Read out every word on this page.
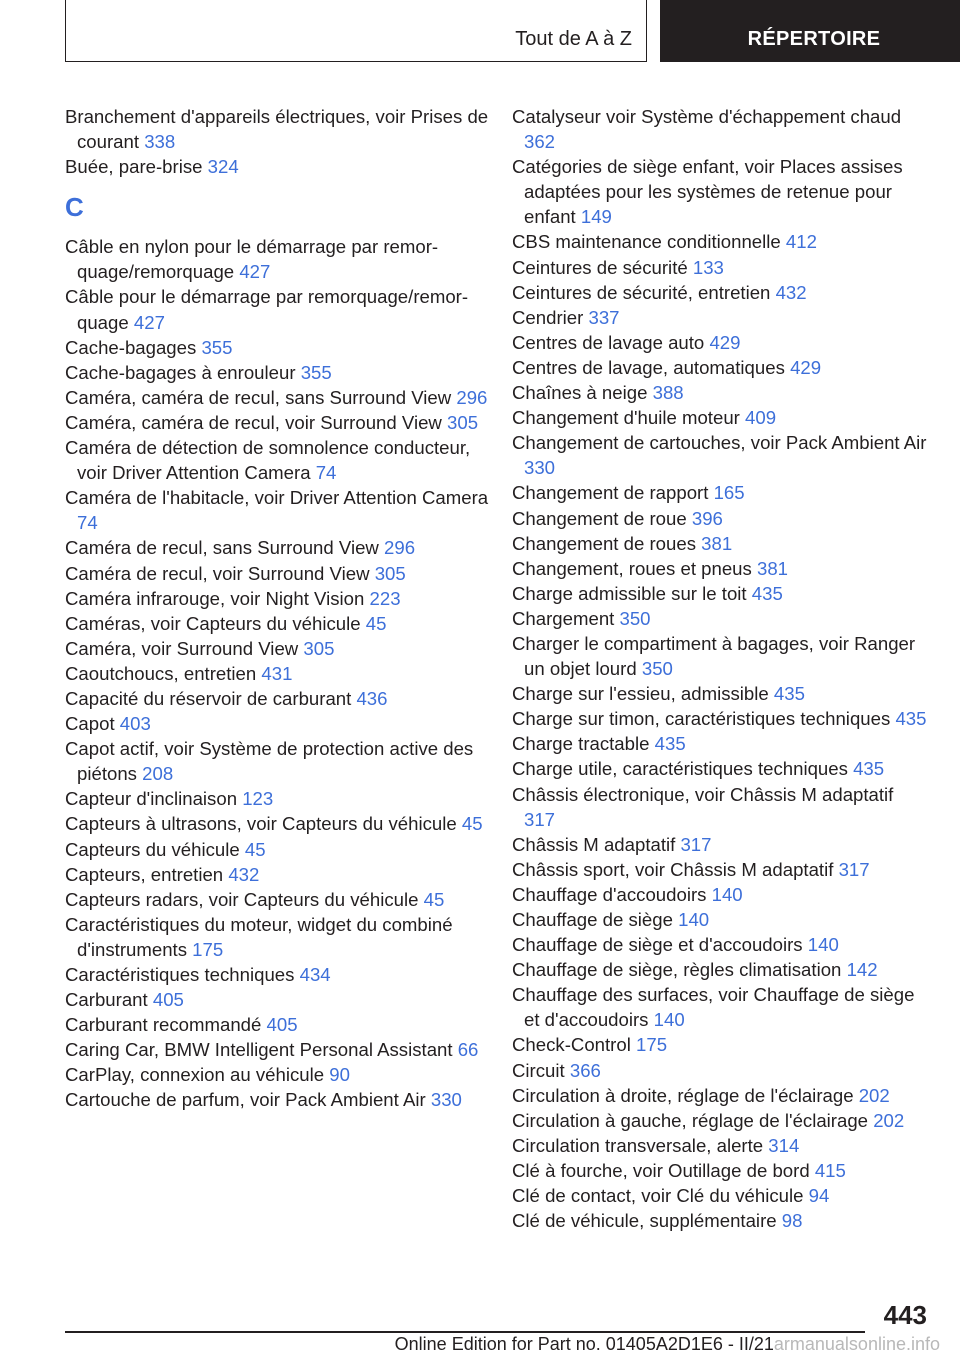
Tout de A à Z	RÉPERTOIRE

Branchement d'appareils électriques, voir Prises de courant 338

Buée, pare-brise 324

C

Câble en nylon pour le démarrage par remorquage/remorquage 427

Câble pour le démarrage par remorquage/remorquage 427

Cache-bagages 355

Cache-bagages à enrouleur 355

Caméra, caméra de recul, sans Surround View 296

Caméra, caméra de recul, voir Surround View 305

Caméra de détection de somnolence conducteur, voir Driver Attention Camera 74

Caméra de l'habitacle, voir Driver Attention Camera 74

Caméra de recul, sans Surround View 296

Caméra de recul, voir Surround View 305

Caméra infrarouge, voir Night Vision 223

Caméras, voir Capteurs du véhicule 45

Caméra, voir Surround View 305

Caoutchoucs, entretien 431

Capacité du réservoir de carburant 436

Capot 403

Capot actif, voir Système de protection active des piétons 208

Capteur d'inclinaison 123

Capteurs à ultrasons, voir Capteurs du véhicule 45

Capteurs du véhicule 45

Capteurs, entretien 432

Capteurs radars, voir Capteurs du véhicule 45

Caractéristiques du moteur, widget du combiné d'instruments 175

Caractéristiques techniques 434

Carburant 405

Carburant recommandé 405

Caring Car, BMW Intelligent Personal Assistant 66

CarPlay, connexion au véhicule 90

Cartouche de parfum, voir Pack Ambient Air 330

Catalyseur voir Système d'échappement chaud 362

Catégories de siège enfant, voir Places assises adaptées pour les systèmes de retenue pour enfant 149

CBS maintenance conditionnelle 412

Ceintures de sécurité 133

Ceintures de sécurité, entretien 432

Cendrier 337

Centres de lavage auto 429

Centres de lavage, automatiques 429

Chaînes à neige 388

Changement d'huile moteur 409

Changement de cartouches, voir Pack Ambient Air 330

Changement de rapport 165

Changement de roue 396

Changement de roues 381

Changement, roues et pneus 381

Charge admissible sur le toit 435

Chargement 350

Charger le compartiment à bagages, voir Ranger un objet lourd 350

Charge sur l'essieu, admissible 435

Charge sur timon, caractéristiques techniques 435

Charge tractable 435

Charge utile, caractéristiques techniques 435

Châssis électronique, voir Châssis M adaptatif 317

Châssis M adaptatif 317

Châssis sport, voir Châssis M adaptatif 317

Chauffage d'accoudoirs 140

Chauffage de siège 140

Chauffage de siège et d'accoudoirs 140

Chauffage de siège, règles climatisation 142

Chauffage des surfaces, voir Chauffage de siège et d'accoudoirs 140

Check-Control 175

Circuit 366

Circulation à droite, réglage de l'éclairage 202

Circulation à gauche, réglage de l'éclairage 202

Circulation transversale, alerte 314

Clé à fourche, voir Outillage de bord 415

Clé de contact, voir Clé du véhicule 94

Clé de véhicule, supplémentaire 98

443
Online Edition for Part no. 01405A2D1E6 - II/21armanualsonline.info
